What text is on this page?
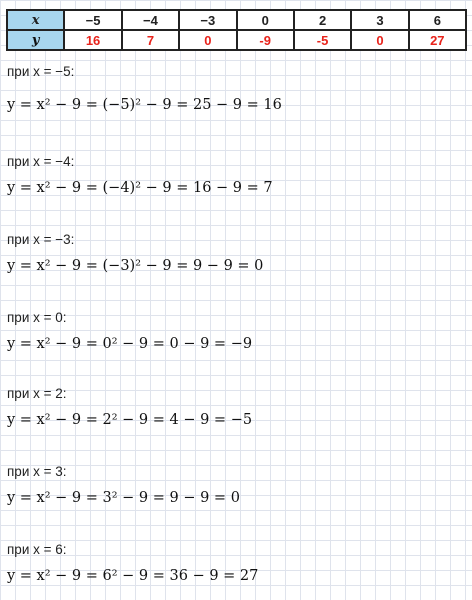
x	−5	−4	−3	0	2	3	6
y	16	7	0	-9	-5	0	27
при x = −5:
y = x² − 9 = (−5)² − 9 = 25 − 9 = 16
при x = −4:
y = x² − 9 = (−4)² − 9 = 16 − 9 = 7
при x = −3:
y = x² − 9 = (−3)² − 9 = 9 − 9 = 0
при x = 0:
y = x² − 9 = 0² − 9 = 0 − 9 = −9
при x = 2:
y = x² − 9 = 2² − 9 = 4 − 9 = −5
при x = 3:
y = x² − 9 = 3² − 9 = 9 − 9 = 0
при x = 6:
y = x² − 9 = 6² − 9 = 36 − 9 = 27
